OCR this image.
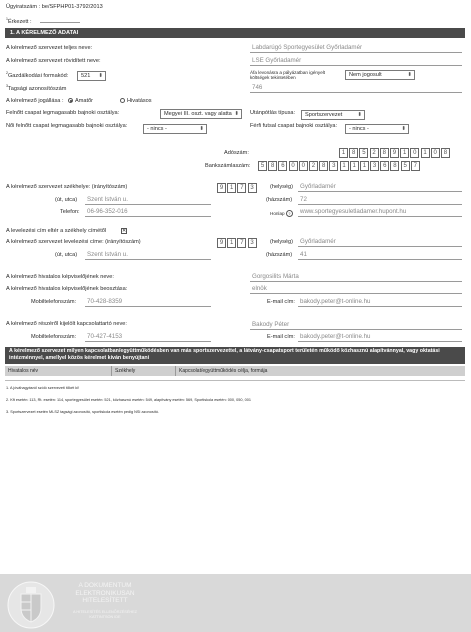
Ügyiratszám : be/SFPHP01-3792/2013
$^1$Érkezett :
1. A KÉRELMEZŐ ADATAI
A kérelmező szervezet teljes neve:	Labdarúgó Sportegyesület Győrladamér
A kérelmező szervezet rövidített neve:	LSE Győrladamér
$^2$Gazdálkodási formakód:	521 ⬍
Áfa levonásra a pályázatban igényelt költségek tekintetében	Nem jogosult	⬍
$^3$Tagsági azonosítószám	746
A kérelmező jogállása :	Amatőr	Hivatásos
Felnőtt csapat legmagasabb bajnoki osztálya:	Megyei III. oszt. vagy alatta ⬍ Utánpótlás típusa:	Sportszervezet	⬍
Női felnőtt csapat legmagasabb bajnoki osztálya:	- nincs -	⬍	Férfi futsal csapat bajnoki osztálya:	- nincs -	⬍
Adószám:	1	8	5	2	8	9	1	0	1	0	8
Bankszámlaszám:	5	8	6	0	0	2	8	3	1	1	1	3	6	8	5	7
A kérelmező szervezet székhelye: (irányítószám)	9	1	7	3	(helység) Győrladamér
(út, utca) Szent István u.	(házszám) 72
Telefon: 06-96-352-016	Honlap ?	www.sportegyesuletladamer.hupont.hu
A levelezési cím eltér a székhely címétől	✕
A kérelmező szervezet levelezési címe: (irányítószám)	9	1	7	3	(helység) Győrladamér
(út, utca) Szent István u.	(házszám) 41
A kérelmező hivatalos képviselőjének neve:	Gorgosilits Márta
A kérelmező hivatalos képviselőjének beosztása:	elnök
Mobiltelefonszám: 70-428-8359	E-mail cím: bakody.peter@t-online.hu
A kérelmező részéről kijelölt kapcsolattartó neve:	Bakody Péter
Mobiltelefonszám: 70-427-4153	E-mail cím: bakody.peter@t-online.hu
A kérelmező szervezet milyen kapcsolatban/együttműködésben van más sportszervezettel, a látvány-csapatsport területén működő közhasznú alapítvánnyal, vagy oktatási intézménnyel, amellyel közös kérelmet kíván benyújtani
Hivatalos név	Székhely	Kapcsolat/együttműködés célja, formája
1. A jóváhagyásról szóló szervezeti tőkét ki!
2. Kft esetén: 113, Rt. esetén: 114, sportegyesület esetén: 521, közhasznú esetén: 549, alapítvány esetén: 569, Sportiskola esetén: 000, 050, 001
3. Sportszervezet esetén MLSZ tagsági azonosító, sportiskola esetén pedig NSI azonosító.
A DOKUMENTUM
ELEKTRONIKUSAN
HITELESÍTETT
A HITELESÍTÉS ELLENŐRZÉSÉHEZ
KATTINTSON IDE
